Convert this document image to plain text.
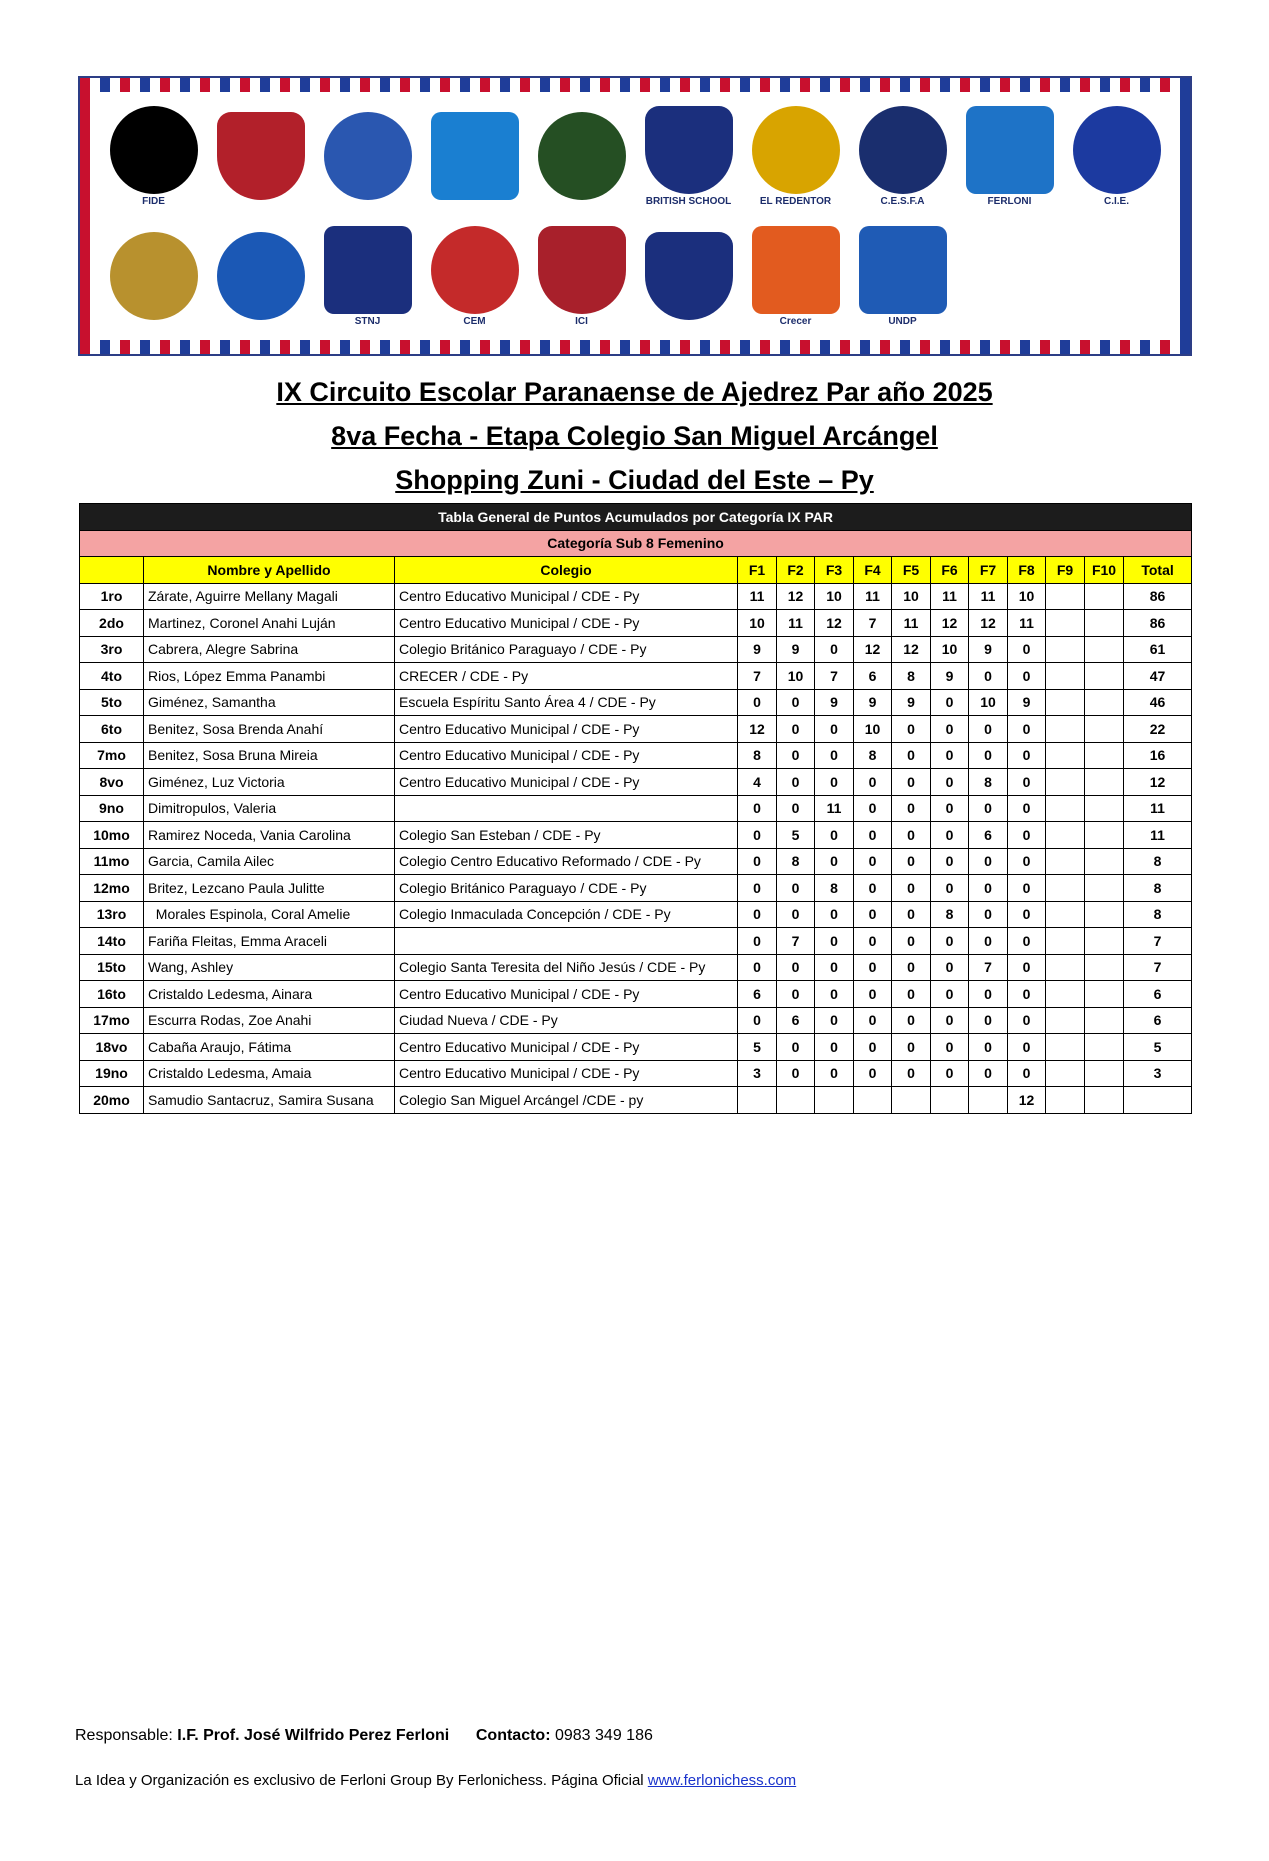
FIDE	BRITISH SCHOOL	EL REDENTOR	C.E.S.F.A	FERLONI	C.I.E.
STNJ	CEM	ICI	Crecer	UNDP
IX Circuito Escolar Paranaense de Ajedrez Par año 2025
8va Fecha - Etapa Colegio San Miguel Arcángel
Shopping Zuni - Ciudad del Este – Py
Tabla General de Puntos Acumulados por Categoría IX PAR													
Categoría Sub 8 Femenino													
	Nombre y Apellido	Colegio	F1	F2	F3	F4	F5	F6	F7	F8	F9	F10	Total
1ro	Zárate, Aguirre Mellany Magali	Centro Educativo Municipal / CDE - Py	11	12	10	11	10	11	11	10			86
2do	Martinez, Coronel Anahi Luján	Centro Educativo Municipal / CDE - Py	10	11	12	7	11	12	12	11			86
3ro	Cabrera, Alegre Sabrina	Colegio Británico Paraguayo / CDE - Py	9	9	0	12	12	10	9	0			61
4to	Rios, López Emma Panambi	CRECER / CDE - Py	7	10	7	6	8	9	0	0			47
5to	Giménez, Samantha	Escuela Espíritu Santo Área 4 / CDE - Py	0	0	9	9	9	0	10	9			46
6to	Benitez, Sosa Brenda Anahí	Centro Educativo Municipal / CDE - Py	12	0	0	10	0	0	0	0			22
7mo	Benitez, Sosa Bruna Mireia	Centro Educativo Municipal / CDE - Py	8	0	0	8	0	0	0	0			16
8vo	Giménez, Luz Victoria	Centro Educativo Municipal / CDE - Py	4	0	0	0	0	0	8	0			12
9no	Dimitropulos, Valeria		0	0	11	0	0	0	0	0			11
10mo	Ramirez Noceda, Vania Carolina	Colegio San Esteban / CDE - Py	0	5	0	0	0	0	6	0			11
11mo	Garcia, Camila Ailec	Colegio Centro Educativo Reformado / CDE - Py	0	8	0	0	0	0	0	0			8
12mo	Britez, Lezcano Paula Julitte	Colegio Británico Paraguayo / CDE - Py	0	0	8	0	0	0	0	0			8
13ro	Morales Espinola, Coral Amelie	Colegio Inmaculada Concepción / CDE - Py	0	0	0	0	0	8	0	0			8
14to	Fariña Fleitas, Emma Araceli		0	7	0	0	0	0	0	0			7
15to	Wang, Ashley	Colegio Santa Teresita del Niño Jesús / CDE - Py	0	0	0	0	0	0	7	0			7
16to	Cristaldo Ledesma, Ainara	Centro Educativo Municipal / CDE - Py	6	0	0	0	0	0	0	0			6
17mo	Escurra Rodas, Zoe Anahi	Ciudad Nueva / CDE - Py	0	6	0	0	0	0	0	0			6
18vo	Cabaña Araujo, Fátima	Centro Educativo Municipal / CDE - Py	5	0	0	0	0	0	0	0			5
19no	Cristaldo Ledesma, Amaia	Centro Educativo Municipal / CDE - Py	3	0	0	0	0	0	0	0			3
20mo	Samudio Santacruz, Samira Susana	Colegio San Miguel Arcángel /CDE - py								12			
Responsable: I.F. Prof. José Wilfrido Perez Ferloni Contacto: 0983 349 186
La Idea y Organización es exclusivo de Ferloni Group By Ferlonichess. Página Oficial www.ferlonichess.com
